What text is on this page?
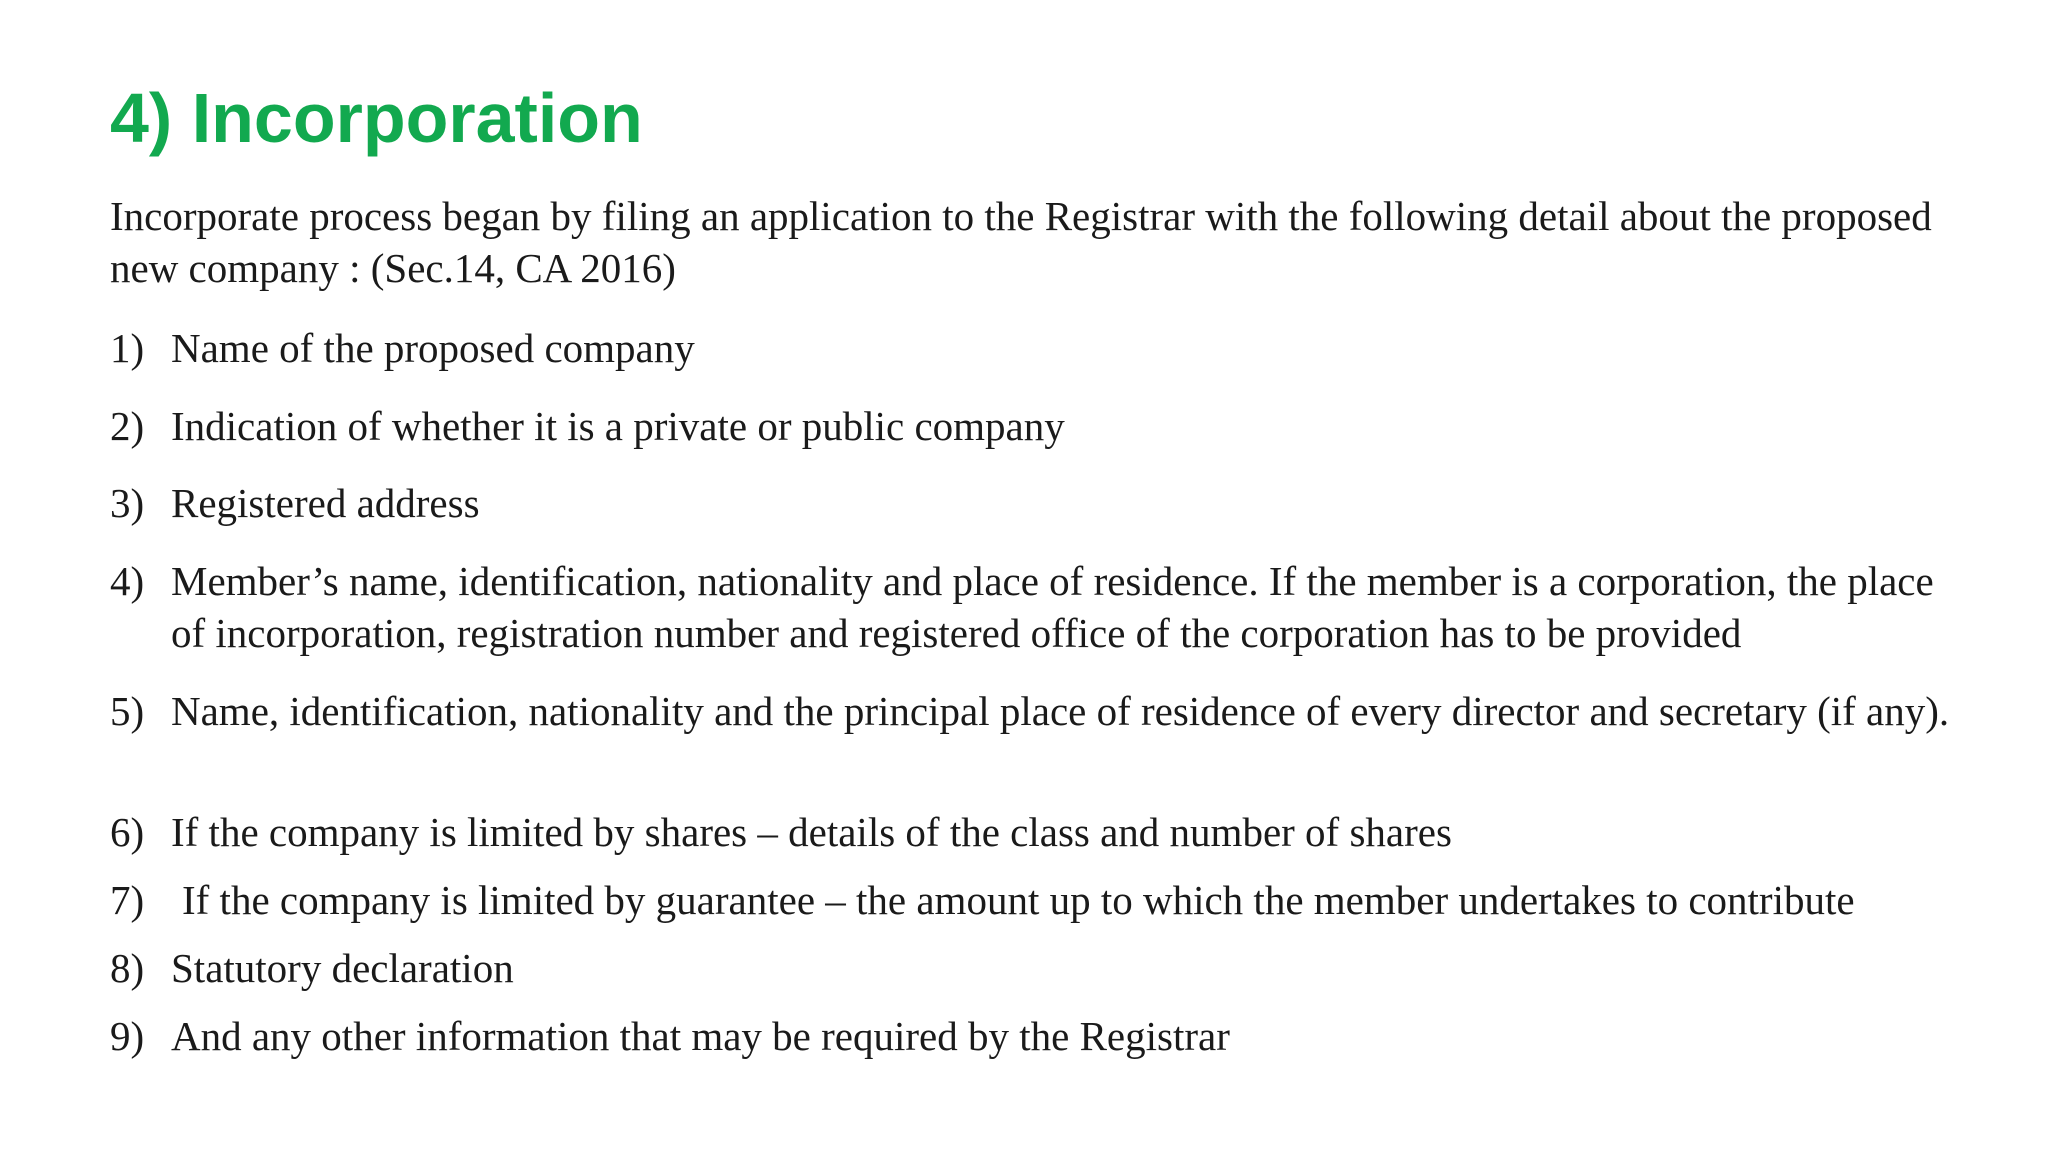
4) Incorporation

Incorporate process began by filing an application to the Registrar with the following detail about the proposed new company : (Sec.14, CA 2016)

1) Name of the proposed company
2) Indication of whether it is a private or public company
3) Registered address
4) Member’s name, identification, nationality and place of residence. If the member is a corporation, the place of incorporation, registration number and registered office of the corporation has to be provided
5) Name, identification, nationality and the principal place of residence of every director and secretary (if any).
6) If the company is limited by shares – details of the class and number of shares
7) If the company is limited by guarantee – the amount up to which the member undertakes to contribute
8) Statutory declaration
9) And any other information that may be required by the Registrar
